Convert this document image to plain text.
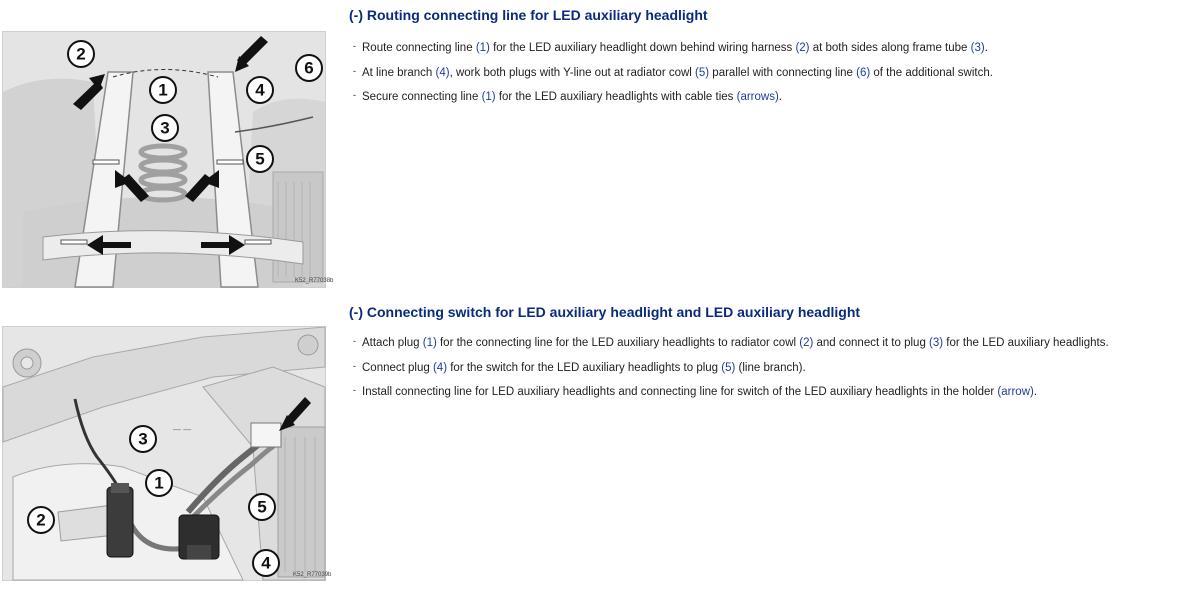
2
1
3
4
5
6
K52_R77038b
(-) Routing connecting line for LED auxiliary headlight
- Route connecting line (1) for the LED auxiliary headlight down behind wiring harness (2) at both sides along frame tube (3).
- At line branch (4), work both plugs with Y-line out at radiator cowl (5) parallel with connecting line (6) of the additional switch.
- Secure connecting line (1) for the LED auxiliary headlights with cable ties (arrows).
— —
3
1
2
5
4
K52_R77039b
(-) Connecting switch for LED auxiliary headlight and LED auxiliary headlight
- Attach plug (1) for the connecting line for the LED auxiliary headlights to radiator cowl (2) and connect it to plug (3) for the LED auxiliary headlights.
- Connect plug (4) for the switch for the LED auxiliary headlights to plug (5) (line branch).
- Install connecting line for LED auxiliary headlights and connecting line for switch of the LED auxiliary headlights in the holder (arrow).
